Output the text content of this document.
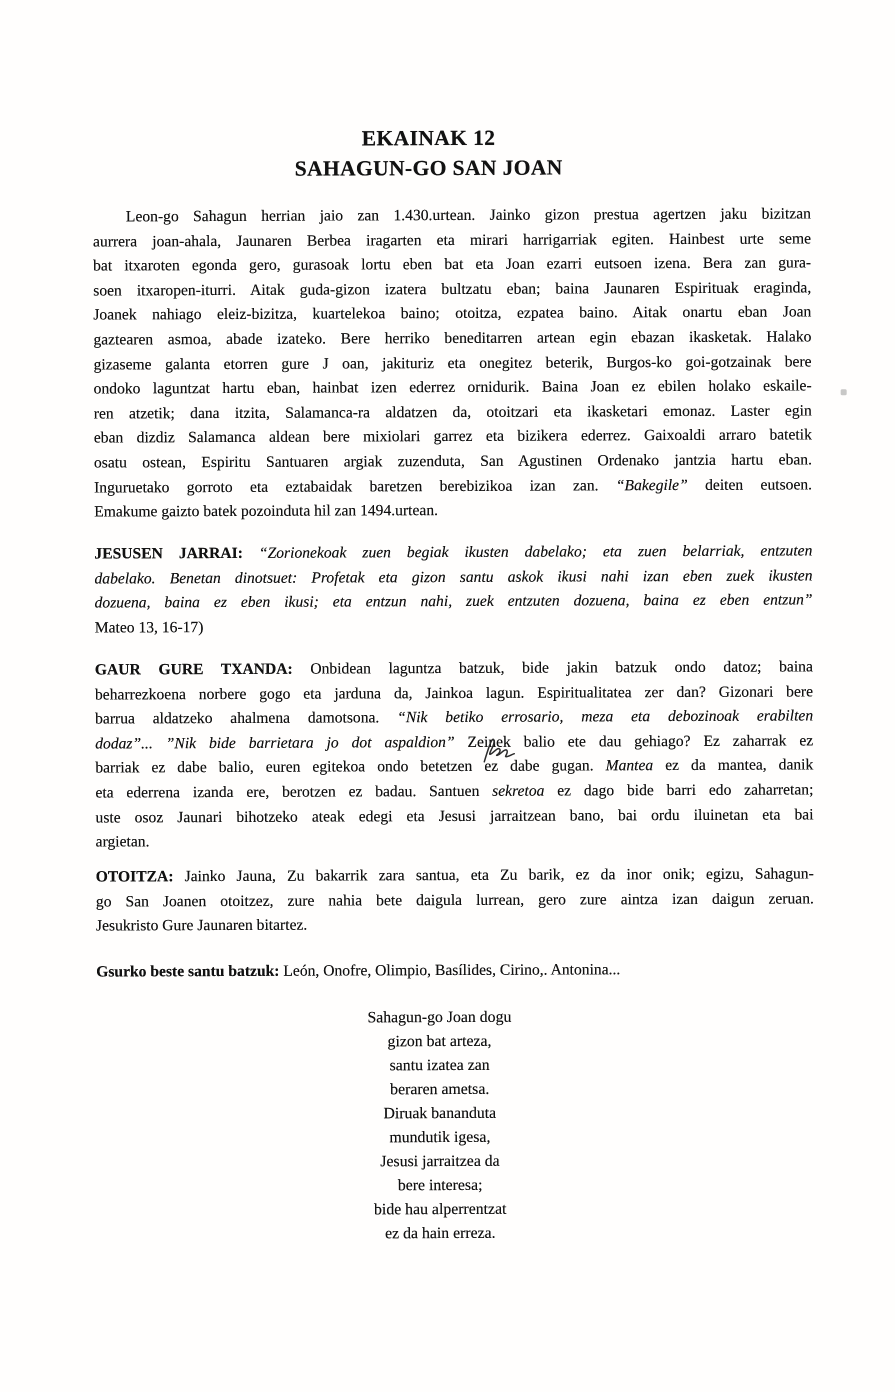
EKAINAK 12
SAHAGUN-GO SAN JOAN
Leon-go Sahagun herrian jaio zan 1.430.urtean. Jainko gizon prestua agertzen jaku bizitzan
aurrera joan-ahala, Jaunaren Berbea iragarten eta mirari harrigarriak egiten. Hainbest urte seme
bat itxaroten egonda gero, gurasoak lortu eben bat eta Joan ezarri eutsoen izena. Bera zan gura-
soen itxaropen-iturri. Aitak guda-gizon izatera bultzatu eban; baina Jaunaren Espirituak eraginda,
Joanek nahiago eleiz-bizitza, kuartelekoa baino; otoitza, ezpatea baino. Aitak onartu eban Joan
gaztearen asmoa, abade izateko. Bere herriko beneditarren artean egin ebazan ikasketak. Halako
gizaseme galanta etorren gure J oan, jakituriz eta onegitez beterik, Burgos-ko goi-gotzainak bere
ondoko laguntzat hartu eban, hainbat izen ederrez ornidurik. Baina Joan ez ebilen holako eskaile-
ren atzetik; dana itzita, Salamanca-ra aldatzen da, otoitzari eta ikasketari emonaz. Laster egin
eban dizdiz Salamanca aldean bere mixiolari garrez eta bizikera ederrez. Gaixoaldi arraro batetik
osatu ostean, Espiritu Santuaren argiak zuzenduta, San Agustinen Ordenako jantzia hartu eban.
Inguruetako gorroto eta eztabaidak baretzen berebizikoa izan zan. “Bakegile” deiten eutsoen.
Emakume gaizto batek pozoinduta hil zan 1494.urtean.
JESUSEN JARRAI: “Zorionekoak zuen begiak ikusten dabelako; eta zuen belarriak, entzuten
dabelako. Benetan dinotsuet: Profetak eta gizon santu askok ikusi nahi izan eben zuek ikusten
dozuena, baina ez eben ikusi; eta entzun nahi, zuek entzuten dozuena, baina ez eben entzun”
Mateo 13, 16-17)
GAUR GURE TXANDA: Onbidean laguntza batzuk, bide jakin batzuk ondo datoz; baina
beharrezkoena norbere gogo eta jarduna da, Jainkoa lagun. Espiritualitatea zer dan? Gizonari bere
barrua aldatzeko ahalmena damotsona. “Nik betiko errosario, meza eta debozinoak erabilten
dodaz”... ”Nik bide barrietara jo dot aspaldion” Zeinek balio ete dau gehiago? Ez zaharrak ez
barriak ez dabe balio, euren egitekoa ondo betetzen ez dabe gugan. Mantea ez da mantea, danik
eta ederrena izanda ere, berotzen ez badau. Santuen sekretoa ez dago bide barri edo zaharretan;
uste osoz Jaunari bihotzeko ateak edegi eta Jesusi jarraitzean bano, bai ordu iluinetan eta bai
argietan.
OTOITZA: Jainko Jauna, Zu bakarrik zara santua, eta Zu barik, ez da inor onik; egizu, Sahagun-
go San Joanen otoitzez, zure nahia bete daigula lurrean, gero zure aintza izan daigun zeruan.
Jesukristo Gure Jaunaren bitartez.
Gsurko beste santu batzuk: León, Onofre, Olimpio, Basílides, Cirino,. Antonina...
Sahagun-go Joan dogu
gizon bat arteza,
santu izatea zan
beraren ametsa.
Diruak bananduta
mundutik igesa,
Jesusi jarraitzea da
bere interesa;
bide hau alperrentzat
ez da hain erreza.
